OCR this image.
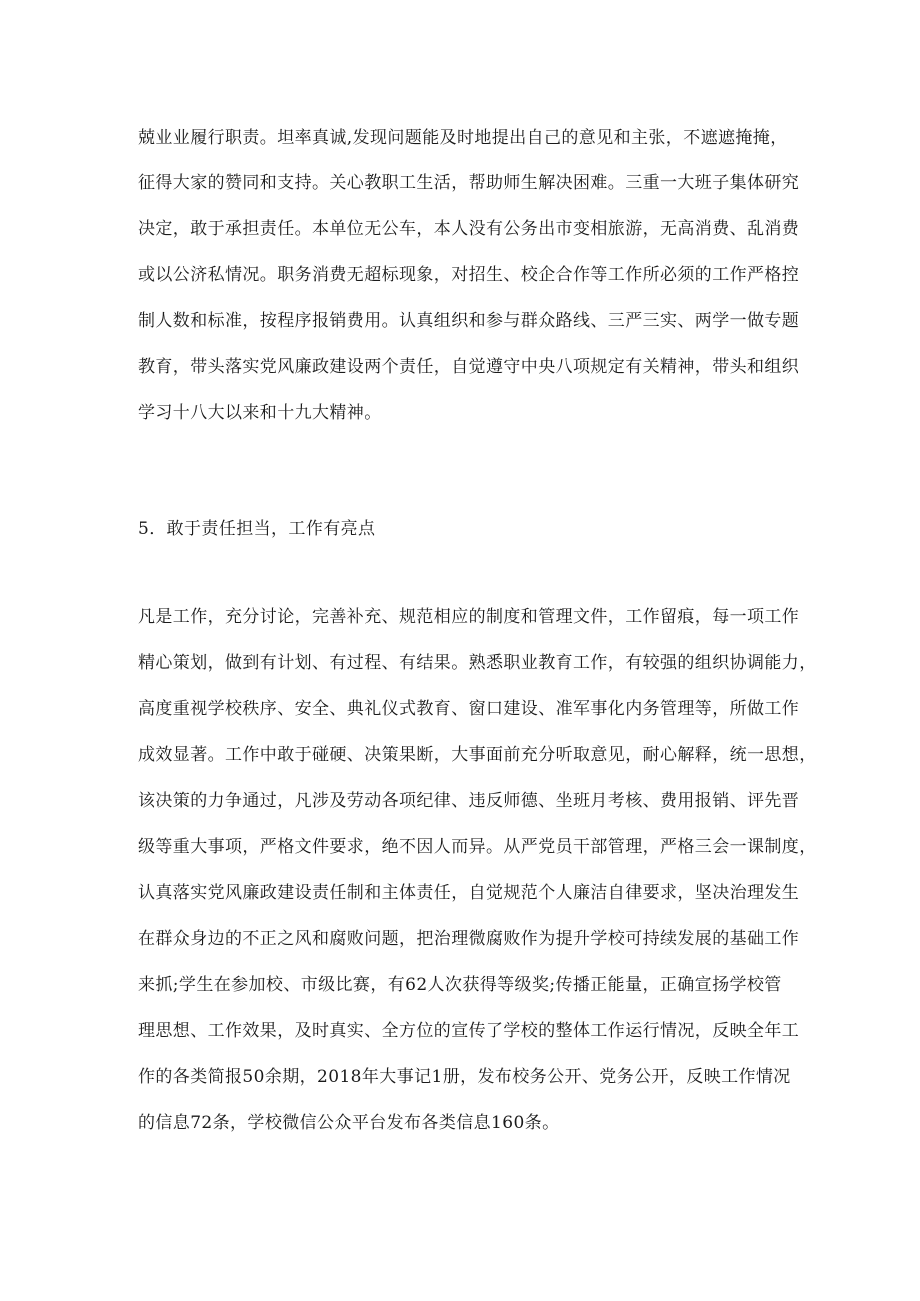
兢业业履行职责。坦率真诚,发现问题能及时地提出自己的意见和主张，不遮遮掩掩，
征得大家的赞同和支持。关心教职工生活，帮助师生解决困难。三重一大班子集体研究
决定，敢于承担责任。本单位无公车，本人没有公务出市变相旅游，无高消费、乱消费
或以公济私情况。职务消费无超标现象，对招生、校企合作等工作所必须的工作严格控
制人数和标准，按程序报销费用。认真组织和参与群众路线、三严三实、两学一做专题
教育，带头落实党风廉政建设两个责任，自觉遵守中央八项规定有关精神，带头和组织
学习十八大以来和十九大精神。
5．敢于责任担当，工作有亮点
凡是工作，充分讨论，完善补充、规范相应的制度和管理文件，工作留痕，每一项工作
精心策划，做到有计划、有过程、有结果。熟悉职业教育工作，有较强的组织协调能力，
高度重视学校秩序、安全、典礼仪式教育、窗口建设、准军事化内务管理等，所做工作
成效显著。工作中敢于碰硬、决策果断，大事面前充分听取意见，耐心解释，统一思想，
该决策的力争通过，凡涉及劳动各项纪律、违反师德、坐班月考核、费用报销、评先晋
级等重大事项，严格文件要求，绝不因人而异。从严党员干部管理，严格三会一课制度，
认真落实党风廉政建设责任制和主体责任，自觉规范个人廉洁自律要求，坚决治理发生
在群众身边的不正之风和腐败问题，把治理微腐败作为提升学校可持续发展的基础工作
来抓;学生在参加校、市级比赛，有62人次获得等级奖;传播正能量，正确宣扬学校管
理思想、工作效果，及时真实、全方位的宣传了学校的整体工作运行情况，反映全年工
作的各类简报50余期，2018年大事记1册，发布校务公开、党务公开，反映工作情况
的信息72条，学校微信公众平台发布各类信息160条。
